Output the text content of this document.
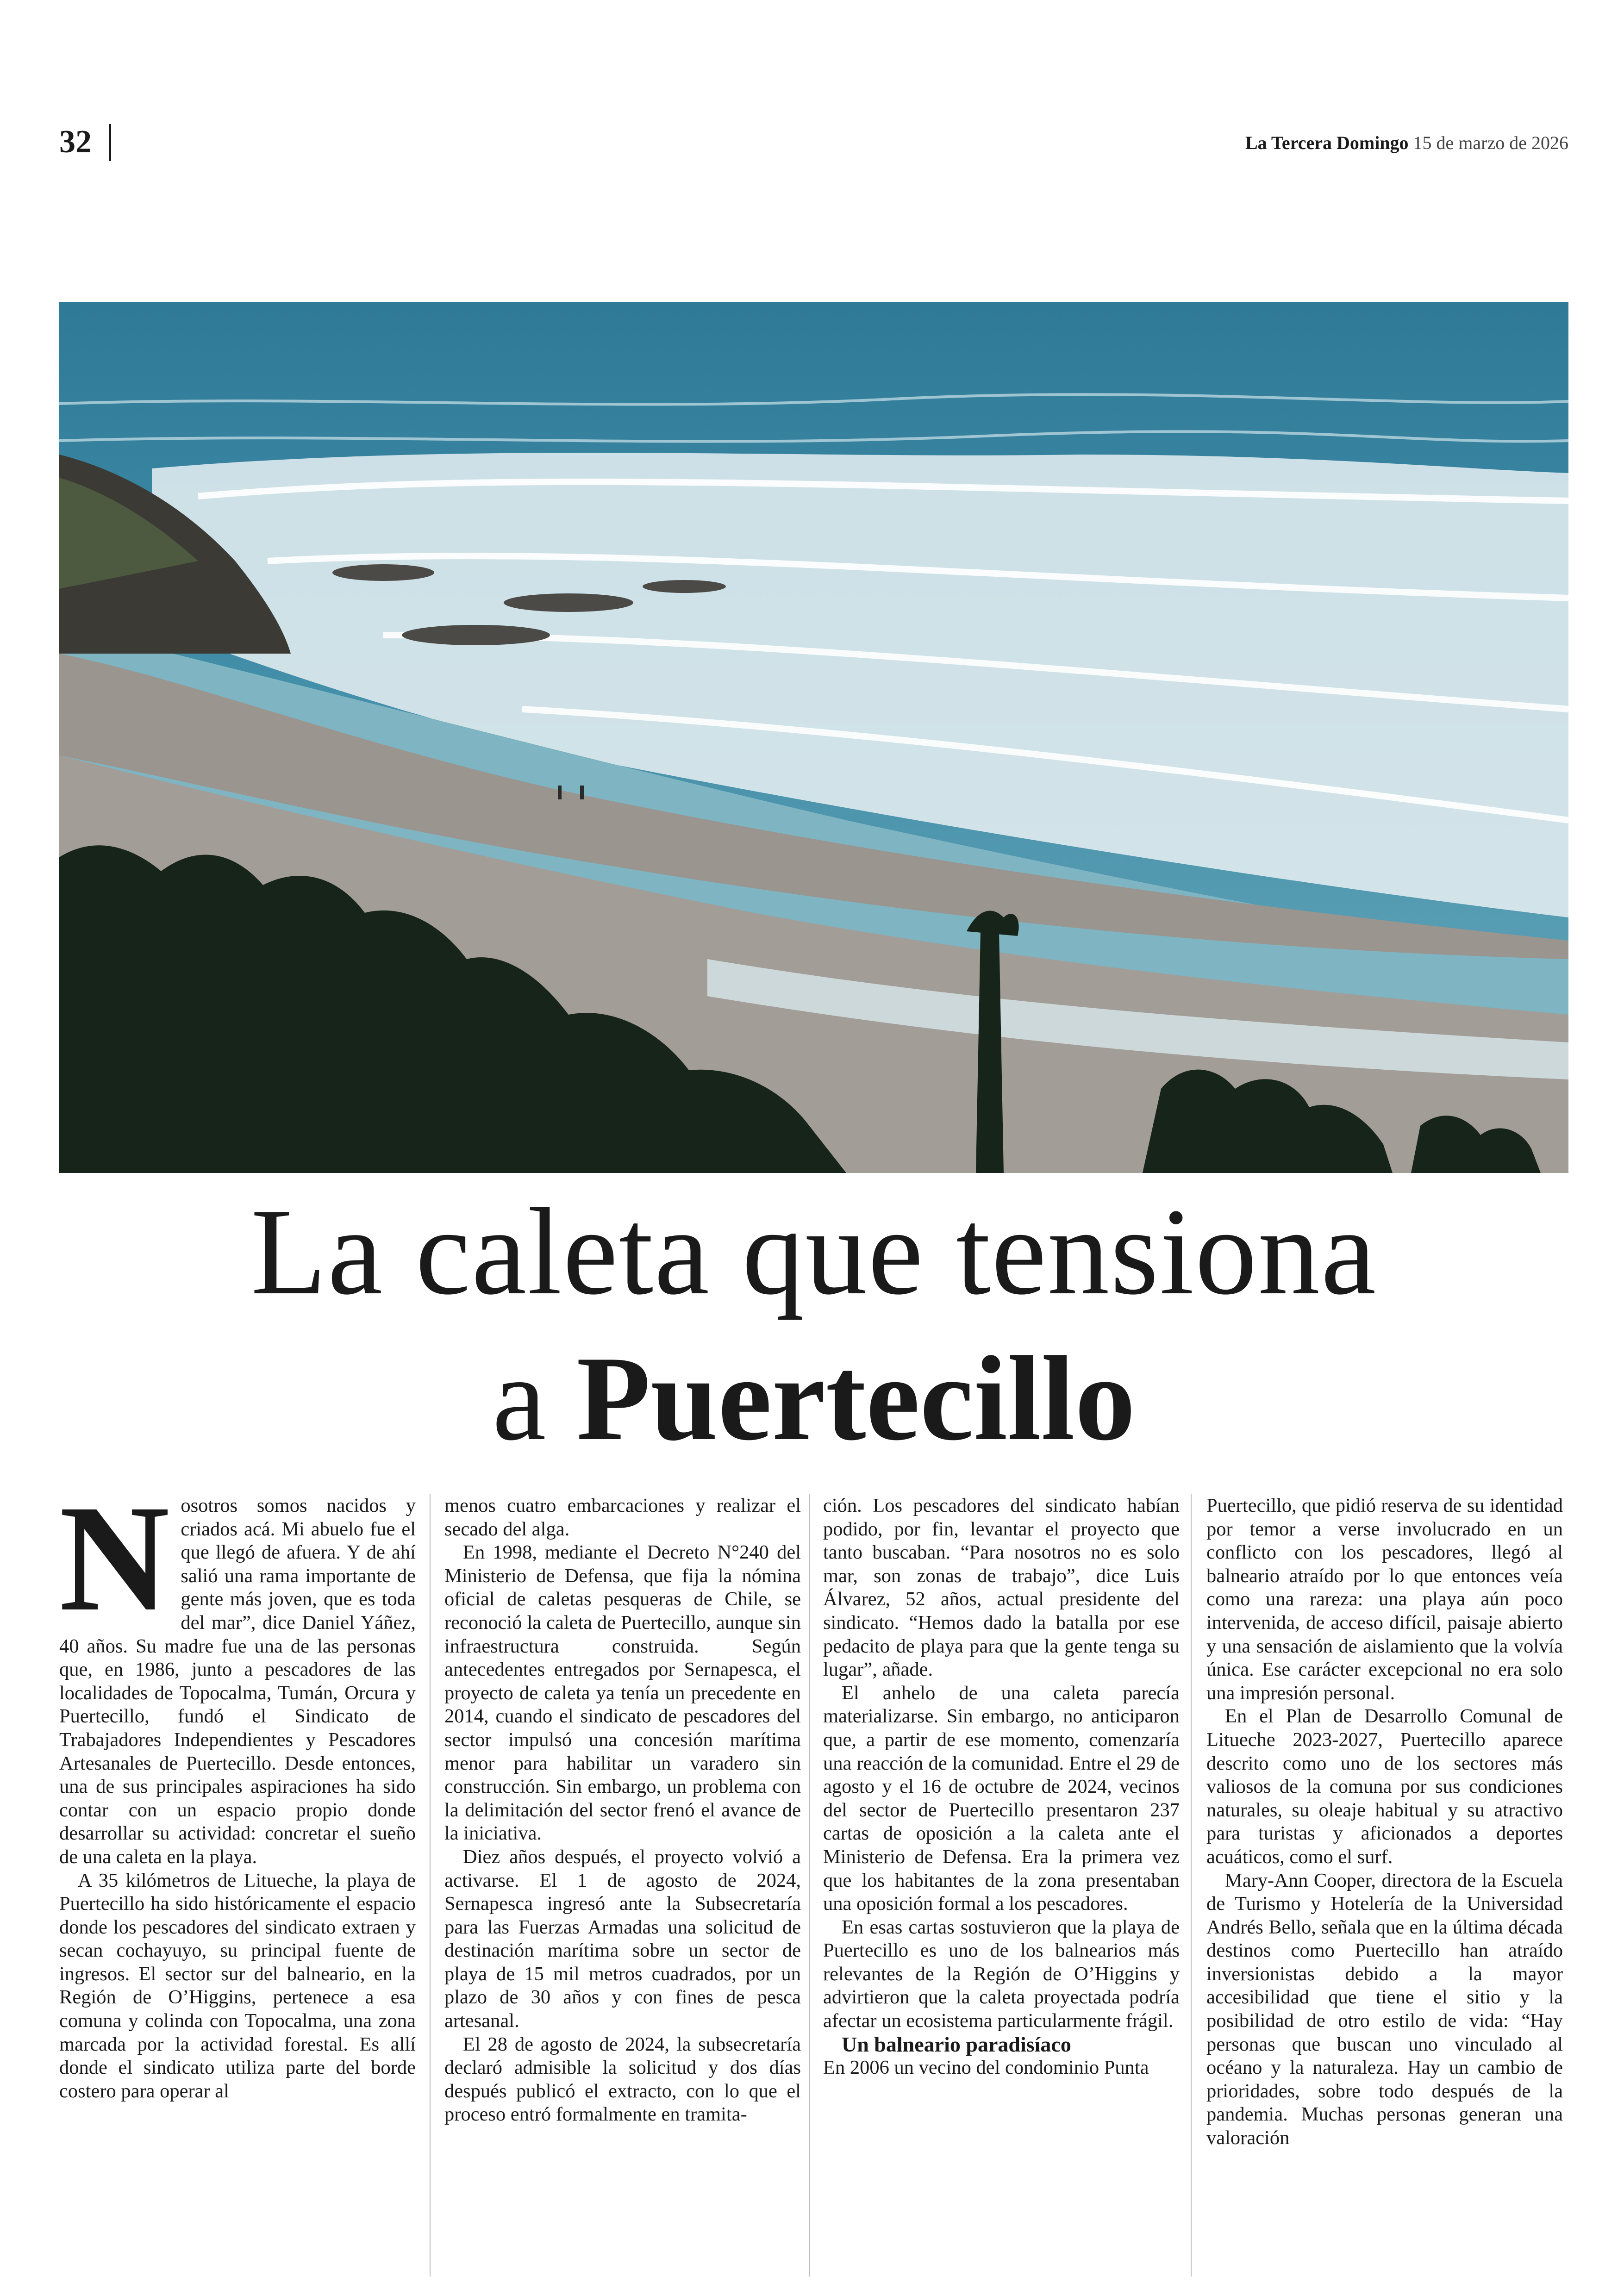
32	La Tercera Domingo 15 de marzo de 2026
La caleta que tensiona
a Puertecillo

Nosotros somos nacidos y criados acá. Mi abuelo fue el que llegó de afuera. Y de ahí salió una rama importante de gente más joven, que es toda del mar”, dice Daniel Yáñez, 40 años. Su madre fue una de las personas que, en 1986, junto a pescadores de las localidades de Topocalma, Tumán, Orcura y Puertecillo, fundó el Sindicato de Trabajadores Independientes y Pescadores Artesanales de Puertecillo. Desde entonces, una de sus principales aspiraciones ha sido contar con un espacio propio donde desarrollar su actividad: concretar el sueño de una caleta en la playa.

A 35 kilómetros de Litueche, la playa de Puertecillo ha sido históricamente el espacio donde los pescadores del sindicato extraen y secan cochayuyo, su principal fuente de ingresos. El sector sur del balneario, en la Región de O’Higgins, pertenece a esa comuna y colinda con Topocalma, una zona marcada por la actividad forestal. Es allí donde el sindicato utiliza parte del borde costero para operar al

menos cuatro embarcaciones y realizar el secado del alga.

En 1998, mediante el Decreto N°240 del Ministerio de Defensa, que fija la nómina oficial de caletas pesqueras de Chile, se reconoció la caleta de Puertecillo, aunque sin infraestructura construida. Según antecedentes entregados por Sernapesca, el proyecto de caleta ya tenía un precedente en 2014, cuando el sindicato de pescadores del sector impulsó una concesión marítima menor para habilitar un varadero sin construcción. Sin embargo, un problema con la delimitación del sector frenó el avance de la iniciativa.

Diez años después, el proyecto volvió a activarse. El 1 de agosto de 2024, Sernapesca ingresó ante la Subsecretaría para las Fuerzas Armadas una solicitud de destinación marítima sobre un sector de playa de 15 mil metros cuadrados, por un plazo de 30 años y con fines de pesca artesanal.

El 28 de agosto de 2024, la subsecretaría declaró admisible la solicitud y dos días después publicó el extracto, con lo que el proceso entró formalmente en tramita-

ción. Los pescadores del sindicato habían podido, por fin, levantar el proyecto que tanto buscaban. “Para nosotros no es solo mar, son zonas de trabajo”, dice Luis Álvarez, 52 años, actual presidente del sindicato. “Hemos dado la batalla por ese pedacito de playa para que la gente tenga su lugar”, añade.

El anhelo de una caleta parecía materializarse. Sin embargo, no anticiparon que, a partir de ese momento, comenzaría una reacción de la comunidad. Entre el 29 de agosto y el 16 de octubre de 2024, vecinos del sector de Puertecillo presentaron 237 cartas de oposición a la caleta ante el Ministerio de Defensa. Era la primera vez que los habitantes de la zona presentaban una oposición formal a los pescadores.

En esas cartas sostuvieron que la playa de Puertecillo es uno de los balnearios más relevantes de la Región de O’Higgins y advirtieron que la caleta proyectada podría afectar un ecosistema particularmente frágil.

Un balneario paradisíaco

En 2006 un vecino del condominio Punta

Puertecillo, que pidió reserva de su identidad por temor a verse involucrado en un conflicto con los pescadores, llegó al balneario atraído por lo que entonces veía como una rareza: una playa aún poco intervenida, de acceso difícil, paisaje abierto y una sensación de aislamiento que la volvía única. Ese carácter excepcional no era solo una impresión personal.

En el Plan de Desarrollo Comunal de Litueche 2023-2027, Puertecillo aparece descrito como uno de los sectores más valiosos de la comuna por sus condiciones naturales, su oleaje habitual y su atractivo para turistas y aficionados a deportes acuáticos, como el surf.

Mary-Ann Cooper, directora de la Escuela de Turismo y Hotelería de la Universidad Andrés Bello, señala que en la última década destinos como Puertecillo han atraído inversionistas debido a la mayor accesibilidad que tiene el sitio y la posibilidad de otro estilo de vida: “Hay personas que buscan uno vinculado al océano y la naturaleza. Hay un cambio de prioridades, sobre todo después de la pandemia. Muchas personas generan una valoración
